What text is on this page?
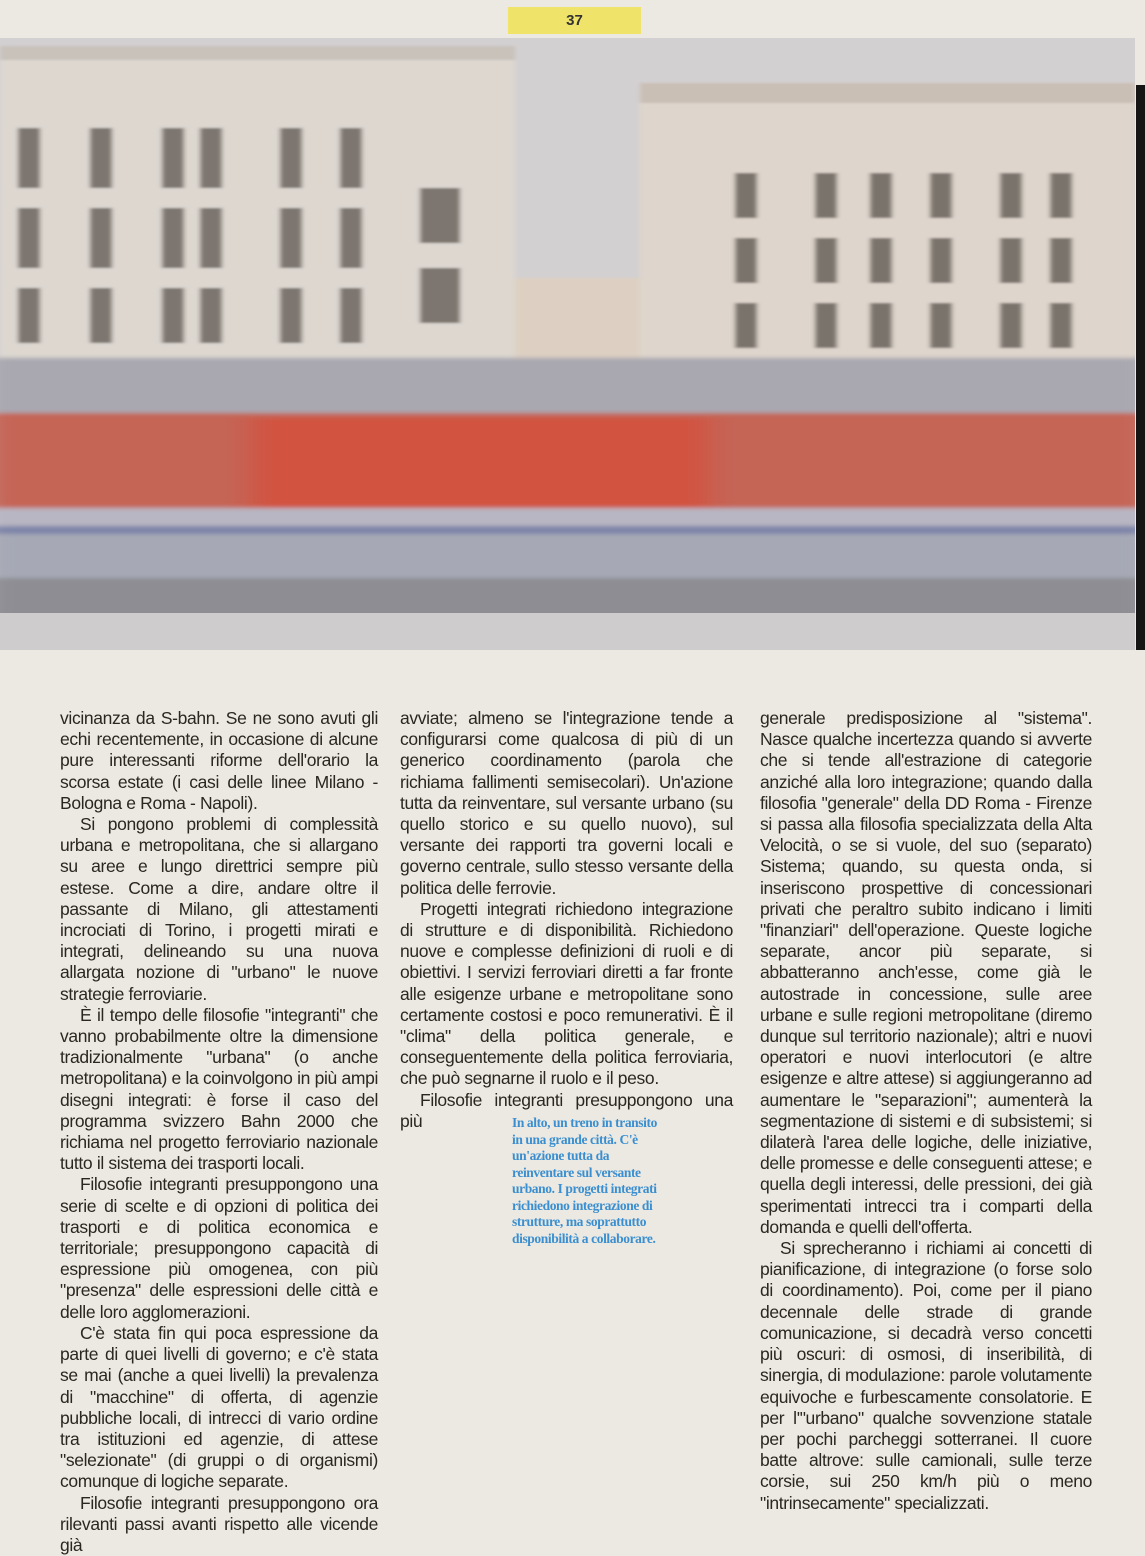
37

vicinanza da S-bahn. Se ne sono avuti gli echi recentemente, in occasione di alcune pure interessanti riforme dell'orario la scorsa estate (i casi delle linee Milano - Bologna e Roma - Napoli).

Si pongono problemi di complessità urbana e metropolitana, che si allargano su aree e lungo direttrici sempre più estese. Come a dire, andare oltre il passante di Milano, gli attestamenti incrociati di Torino, i progetti mirati e integrati, delineando su una nuova allargata nozione di "urbano" le nuove strategie ferroviarie.

È il tempo delle filosofie "integranti" che vanno probabilmente oltre la dimensione tradizionalmente "urbana" (o anche metropolitana) e la coinvolgono in più ampi disegni integrati: è forse il caso del programma svizzero Bahn 2000 che richiama nel progetto ferroviario nazionale tutto il sistema dei trasporti locali.

Filosofie integranti presuppongono una serie di scelte e di opzioni di politica dei trasporti e di politica economica e territoriale; presuppongono capacità di espressione più omogenea, con più "presenza" delle espressioni delle città e delle loro agglomerazioni.

C'è stata fin qui poca espressione da parte di quei livelli di governo; e c'è stata se mai (anche a quei livelli) la prevalenza di "macchine" di offerta, di agenzie pubbliche locali, di intrecci di vario ordine tra istituzioni ed agenzie, di attese "selezionate" (di gruppi o di organismi) comunque di logiche separate.

Filosofie integranti presuppongono ora rilevanti passi avanti rispetto alle vicende già

avviate; almeno se l'integrazione tende a configurarsi come qualcosa di più di un generico coordinamento (parola che richiama fallimenti semisecolari). Un'azione tutta da reinventare, sul versante urbano (su quello storico e su quello nuovo), sul versante dei rapporti tra governi locali e governo centrale, sullo stesso versante della politica delle ferrovie.

Progetti integrati richiedono integrazione di strutture e di disponibilità. Richiedono nuove e complesse definizioni di ruoli e di obiettivi. I servizi ferroviari diretti a far fronte alle esigenze urbane e metropolitane sono certamente costosi e poco remunerativi. È il "clima" della politica generale, e conseguentemente della politica ferroviaria, che può segnarne il ruolo e il peso.

Filosofie integranti presuppongono una più	In alto, un treno in transito in una grande città. C'è un'azione tutta da reinventare sul versante urbano. I progetti integrati richiedono integrazione di strutture, ma soprattutto disponibilità a collaborare.

generale predisposizione al "sistema". Nasce qualche incertezza quando si avverte che si tende all'estrazione di categorie anziché alla loro integrazione; quando dalla filosofia "generale" della DD Roma - Firenze si passa alla filosofia specializzata della Alta Velocità, o se si vuole, del suo (separato) Sistema; quando, su questa onda, si inseriscono prospettive di concessionari privati che peraltro subito indicano i limiti "finanziari" dell'operazione. Queste logiche separate, ancor più separate, si abbatteranno anch'esse, come già le autostrade in concessione, sulle aree urbane e sulle regioni metropolitane (diremo dunque sul territorio nazionale); altri e nuovi operatori e nuovi interlocutori (e altre esigenze e altre attese) si aggiungeranno ad aumentare le "separazioni"; aumenterà la segmentazione di sistemi e di subsistemi; si dilaterà l'area delle logiche, delle iniziative, delle promesse e delle conseguenti attese; e quella degli interessi, delle pressioni, dei già sperimentati intrecci tra i comparti della domanda e quelli dell'offerta.

Si sprecheranno i richiami ai concetti di pianificazione, di integrazione (o forse solo di coordinamento). Poi, come per il piano decennale delle strade di grande comunicazione, si decadrà verso concetti più oscuri: di osmosi, di inseribilità, di sinergia, di modulazione: parole volutamente equivoche e furbescamente consolatorie. E per l'"urbano" qualche sovvenzione statale per pochi parcheggi sotterranei. Il cuore batte altrove: sulle camionali, sulle terze corsie, sui 250 km/h più o meno "intrinsecamente" specializzati.
